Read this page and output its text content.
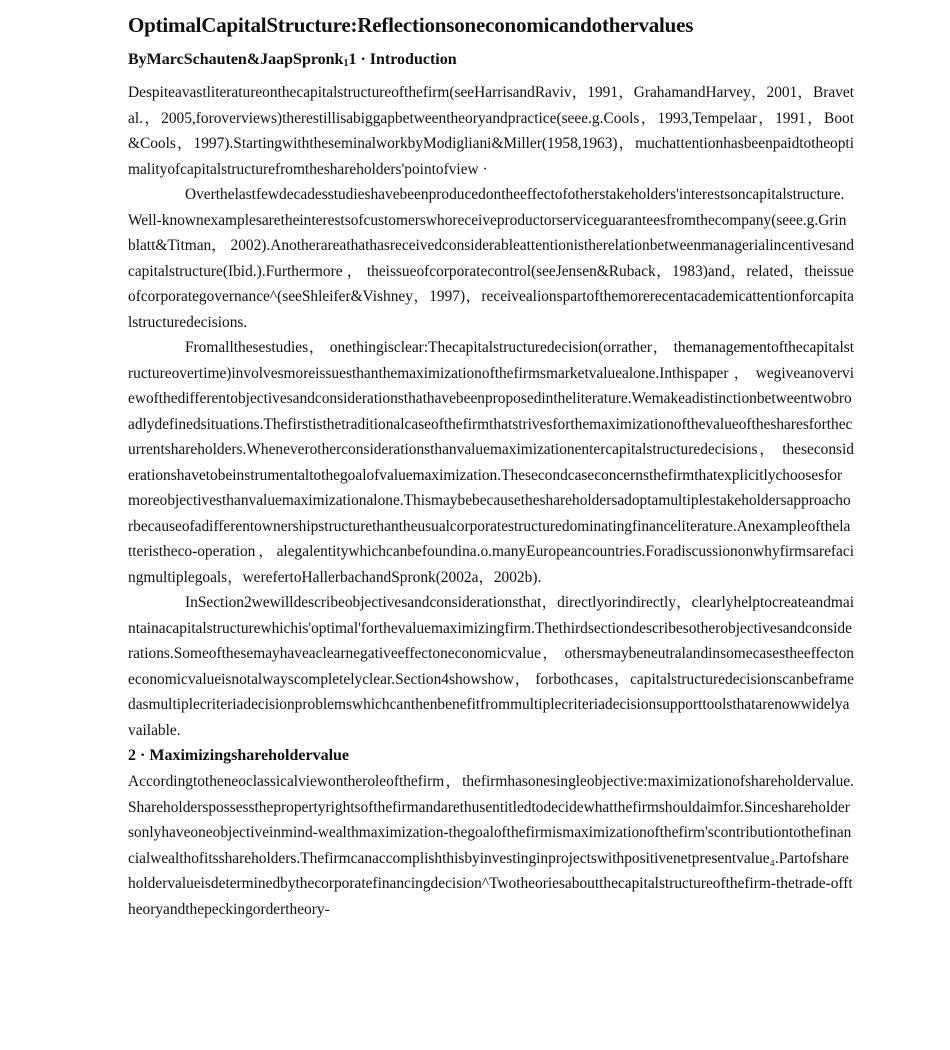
OptimalCapitalStructure:Reflectionsoneconomicandothervalues
ByMarcSchauten&JaapSpronk$_1$1 · Introduction

Despiteavastliteratureonthecapitalstructureofthefirm(seeHarrisandRaviv，1991，GrahamandHarvey，2001，Bravetal.，2005,foroverviews)therestillisabiggapbetweentheoryandpractice(seee.g.Cools，1993,Tempelaar，1991，Boot&Cools，1997).StartingwiththeseminalworkbyModigliani&Miller(1958,1963)，muchattentionhasbeenpaidtotheoptimalityofcapitalstructurefromtheshareholders'pointofview ·

Overthelastfewdecadesstudieshavebeenproducedontheeffectofotherstakeholders'interestsoncapitalstructure.Well-knownexamplesaretheinterestsofcustomerswhoreceiveproductorserviceguaranteesfromthecompany(seee.g.Grinblatt&Titman， 2002).Anotherareathathasreceivedconsiderableattentionistherelationbetweenmanagerialincentivesandcapitalstructure(Ibid.).Furthermore ， theissueofcorporatecontrol(seeJensen&Ruback，1983)and，related，theissueofcorporategovernance^(seeShleifer&Vishney，1997)，receivealionspartofthemorerecentacademicattentionforcapitalstructuredecisions.

Fromallthesestudies， onethingisclear:Thecapitalstructuredecision(orrather， themanagementofthecapitalstructureovertime)involvesmoreissuesthanthemaximizationofthefirmsmarketvaluealone.Inthispaper ， wegiveanoverviewofthedifferentobjectivesandconsiderationsthathavebeenproposedintheliterature.Wemakeadistinctionbetweentwobroadlydefinedsituations.Thefirstisthetraditionalcaseofthefirmthatstrivesforthemaximizationofthevalueofthesharesforthecurrentshareholders.Wheneverotherconsiderationsthanvaluemaximizationentercapitalstructuredecisions， theseconsiderationshavetobeinstrumentaltothegoalofvaluemaximization.Thesecondcaseconcernsthefirmthatexplicitlychoosesformoreobjectivesthanvaluemaximizationalone.Thismaybebecausetheshareholdersadoptamultiplestakeholdersapproachorbecauseofadifferentownershipstructurethantheusualcorporatestructuredominatingfinanceliterature.Anexampleofthelatteristheco-operation，alegalentitywhichcanbefoundina.o.manyEuropeancountries.Foradiscussiononwhyfirmsarefacingmultiplegoals，werefertoHallerbachandSpronk(2002a，2002b).

InSection2wewilldescribeobjectivesandconsiderationsthat，directlyorindirectly，clearlyhelptocreateandmaintainacapitalstructurewhichis'optimal'forthevaluemaximizingfirm.Thethirdsectiondescribesotherobjectivesandconsiderations.Someofthesemayhaveaclearnegativeeffectoneconomicvalue， othersmaybeneutralandinsomecasestheeffectoneconomicvalueisnotalwayscompletelyclear.Section4showshow， forbothcases，capitalstructuredecisionscanbeframedasmultiplecriteriadecisionproblemswhichcanthenbenefitfrommultiplecriteriadecisionsupporttoolsthatarenowwidelyavailable.

2 · Maximizingshareholdervalue

Accordingtotheneoclassicalviewontheroleofthefirm，thefirmhasonesingleobjective:maximizationofshareholdervalue.Shareholderspossessthepropertyrightsofthefirmandarethusentitledtodecidewhatthefirmshouldaimfor.Sinceshareholdersonlyhaveoneobjectiveinmind-wealthmaximization-thegoalofthefirmismaximizationofthefirm'scontributiontothefinancialwealthofitsshareholders.Thefirmcanaccomplishthisbyinvestinginprojectswithpositivenetpresentvalue₄.Partofshareholdervalueisdeterminedbythecorporatefinancingdecision^Twotheoriesaboutthecapitalstructureofthefirm-thetrade-offtheoryandthepeckingordertheory-
